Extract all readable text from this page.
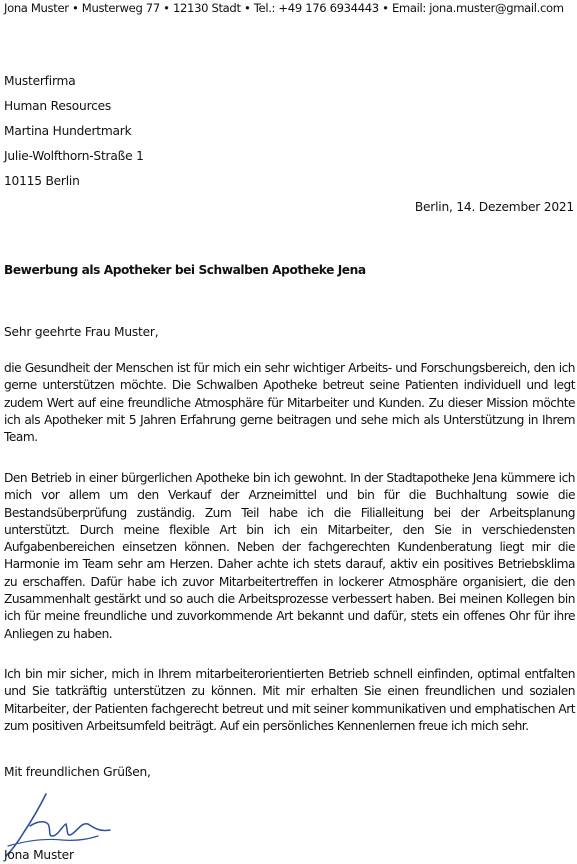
Jona Muster • Musterweg 77 • 12130 Stadt • Tel.: +49 176 6934443 • Email: jona.muster@gmail.com
Musterfirma
Human Resources
Martina Hundertmark
Julie-Wolfthorn-Straße 1
10115 Berlin
Berlin, 14. Dezember 2021
Bewerbung als Apotheker bei Schwalben Apotheke Jena
Sehr geehrte Frau Muster,
die Gesundheit der Menschen ist für mich ein sehr wichtiger Arbeits- und Forschungsbereich, den ich gerne unterstützen möchte. Die Schwalben Apotheke betreut seine Patienten individuell und legt zudem Wert auf eine freundliche Atmosphäre für Mitarbeiter und Kunden. Zu dieser Mission möchte ich als Apotheker mit 5 Jahren Erfahrung gerne beitragen und sehe mich als Unterstützung in Ihrem Team.
Den Betrieb in einer bürgerlichen Apotheke bin ich gewohnt. In der Stadtapotheke Jena kümmere ich mich vor allem um den Verkauf der Arzneimittel und bin für die Buchhaltung sowie die Bestandsüberprüfung zuständig. Zum Teil habe ich die Filialleitung bei der Arbeitsplanung unterstützt. Durch meine flexible Art bin ich ein Mitarbeiter, den Sie in verschiedensten Aufgabenbereichen einsetzen können. Neben der fachgerechten Kundenberatung liegt mir die Harmonie im Team sehr am Herzen. Daher achte ich stets darauf, aktiv ein positives Betriebsklima zu erschaffen. Dafür habe ich zuvor Mitarbeitertreffen in lockerer Atmosphäre organisiert, die den Zusammenhalt gestärkt und so auch die Arbeitsprozesse verbessert haben. Bei meinen Kollegen bin ich für meine freundliche und zuvorkommende Art bekannt und dafür, stets ein offenes Ohr für ihre Anliegen zu haben.
Ich bin mir sicher, mich in Ihrem mitarbeiterorientierten Betrieb schnell einfinden, optimal entfalten und Sie tatkräftig unterstützen zu können. Mit mir erhalten Sie einen freundlichen und sozialen Mitarbeiter, der Patienten fachgerecht betreut und mit seiner kommunikativen und emphatischen Art zum positiven Arbeitsumfeld beiträgt. Auf ein persönliches Kennenlernen freue ich mich sehr.
Mit freundlichen Grüßen,
Jona Muster
